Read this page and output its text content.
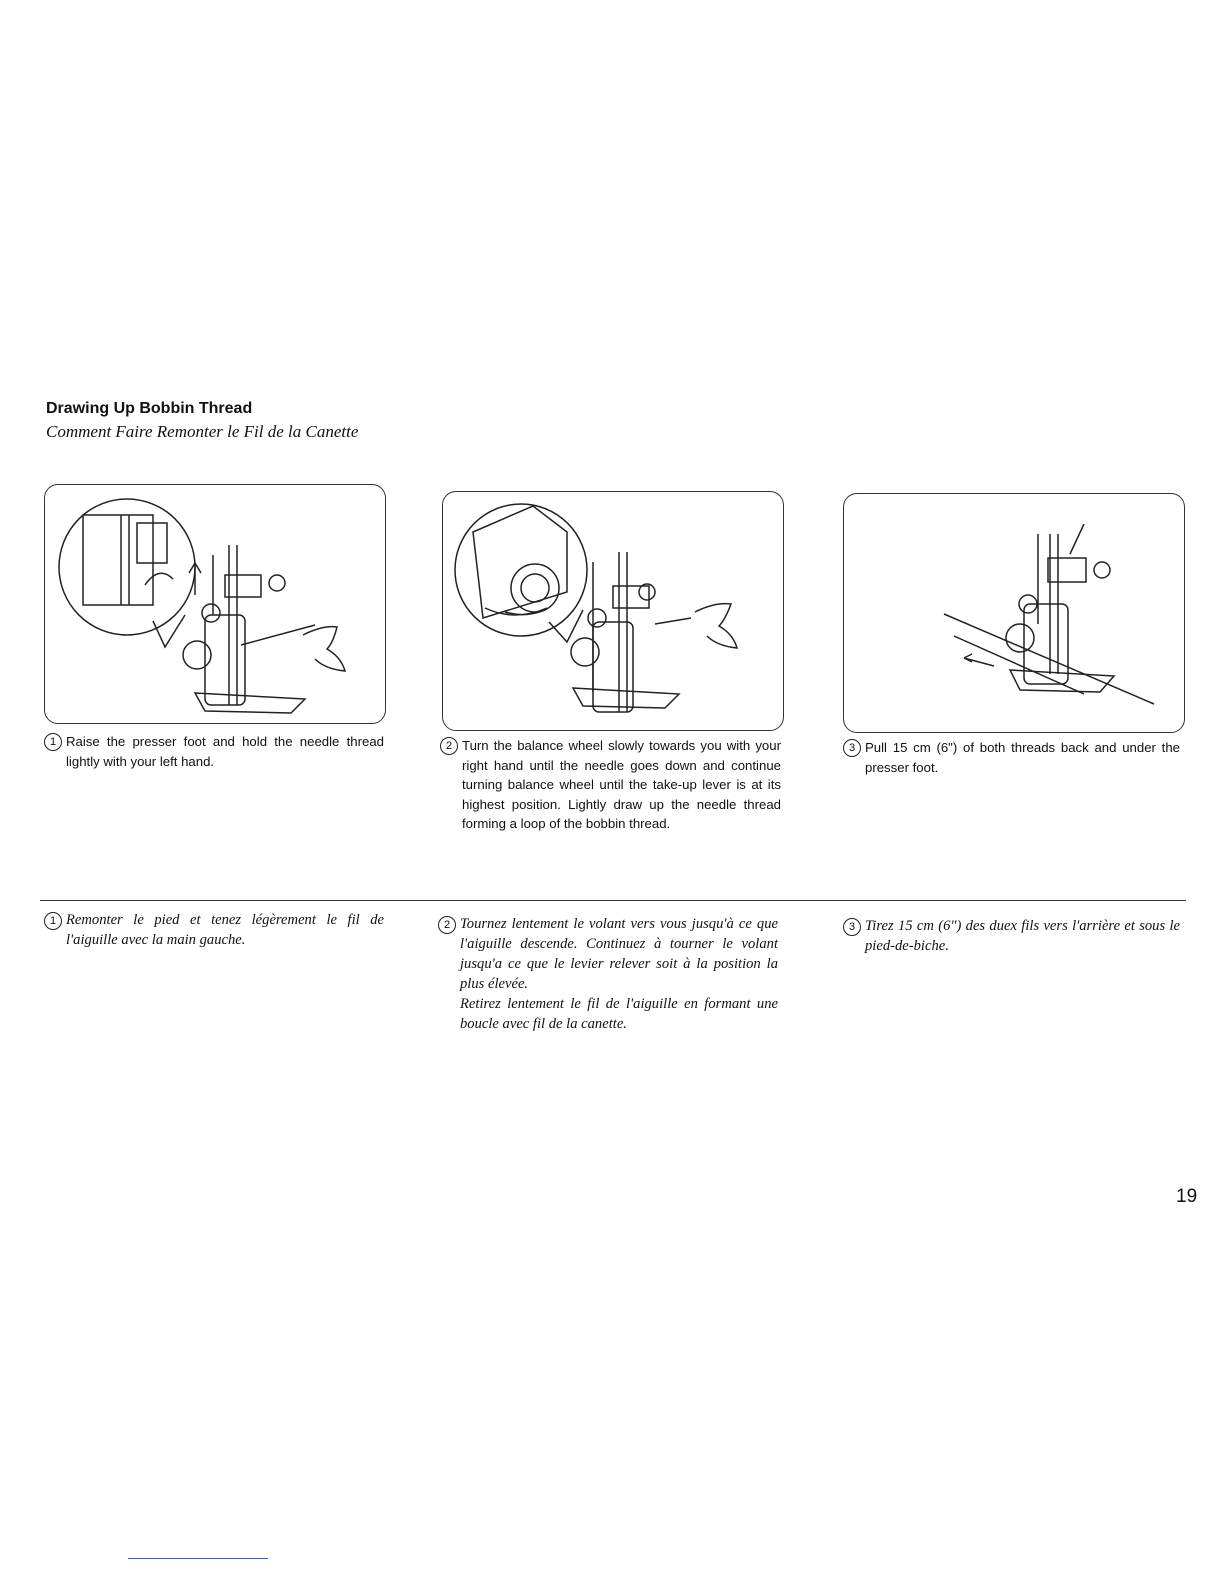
Drawing Up Bobbin Thread
Comment Faire Remonter le Fil de la Canette
1 Raise the presser foot and hold the needle thread lightly with your left hand.
2 Turn the balance wheel slowly towards you with your right hand until the needle goes down and continue turning balance wheel until the take-up lever is at its highest position. Lightly draw up the needle thread forming a loop of the bobbin thread.
3 Pull 15 cm (6") of both threads back and under the presser foot.
1 Remonter le pied et tenez légèrement le fil de l'aiguille avec la main gauche.
2 Tournez lentement le volant vers vous jusqu'à ce que l'aiguille descende. Continuez à tourner le volant jusqu'a ce que le levier relever soit à la position la plus élevée.
Retirez lentement le fil de l'aiguille en formant une boucle avec fil de la canette.
3 Tirez 15 cm (6") des duex fils vers l'arrière et sous le pied-de-biche.
19
